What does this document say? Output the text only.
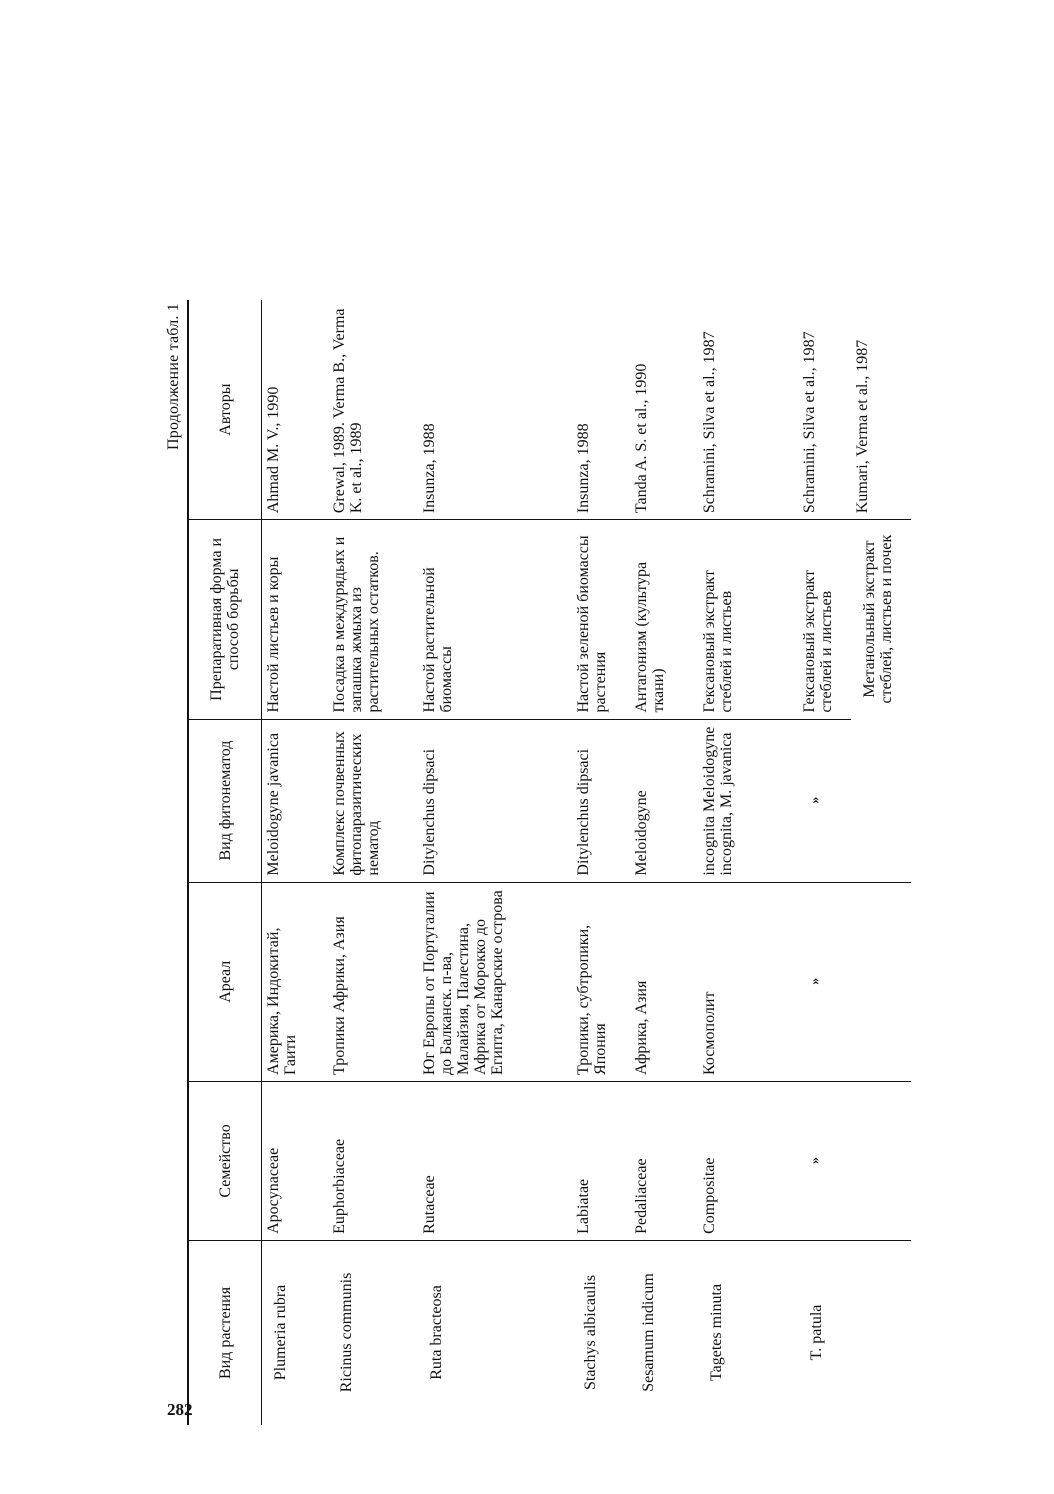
282
Продолжение табл. 1
Вид растения	Семейство	Ареал	Вид фитонематод	Препаративная форма и способ борьбы	Авторы
Plumeria rubra	Apocynaceae	Америка, Индокитай, Гаити	Meloidogyne javanica	Настой листьев и коры	Ahmad M. V., 1990
Ricinus communis	Euphorbiaceae	Тропики Африки, Азия	Комплекс почвенных фитопаразитических нематод	Посадка в междурядьях и запашка жмыха из растительных остатков.	Grewal, 1989. Verma B., Verma K. et al., 1989
Ruta bracteosa	Rutaceae	Юг Европы от Португалии до Балканск. п-ва, Малайзия, Палестина, Африка от Морокко до Египта, Канарские острова	Ditylenchus dipsaci	Настой растительной биомассы	Insunza, 1988
Stachys albicaulis	Labiatae	Тропики, субтропики, Япония	Ditylenchus dipsaci	Настой зеленой биомассы растения	Insunza, 1988
Sesamum indicum	Pedaliaceae	Африка, Азия	Meloidogyne	Антагонизм (культура ткани)	Tanda A. S. et al., 1990
Tagetes minuta	Compositae	Космополит	incognita Meloidogyne incognita, M. javanica	Гексановый экстракт стеблей и листьев	Schramini, Silva et al., 1987
T. patula	»	»	»	Гексановый экстракт стеблей и листьев	Schramini, Silva et al., 1987
				Метанольный экстракт стеблей, листьев и почек	Kumari, Verma et al., 1987
